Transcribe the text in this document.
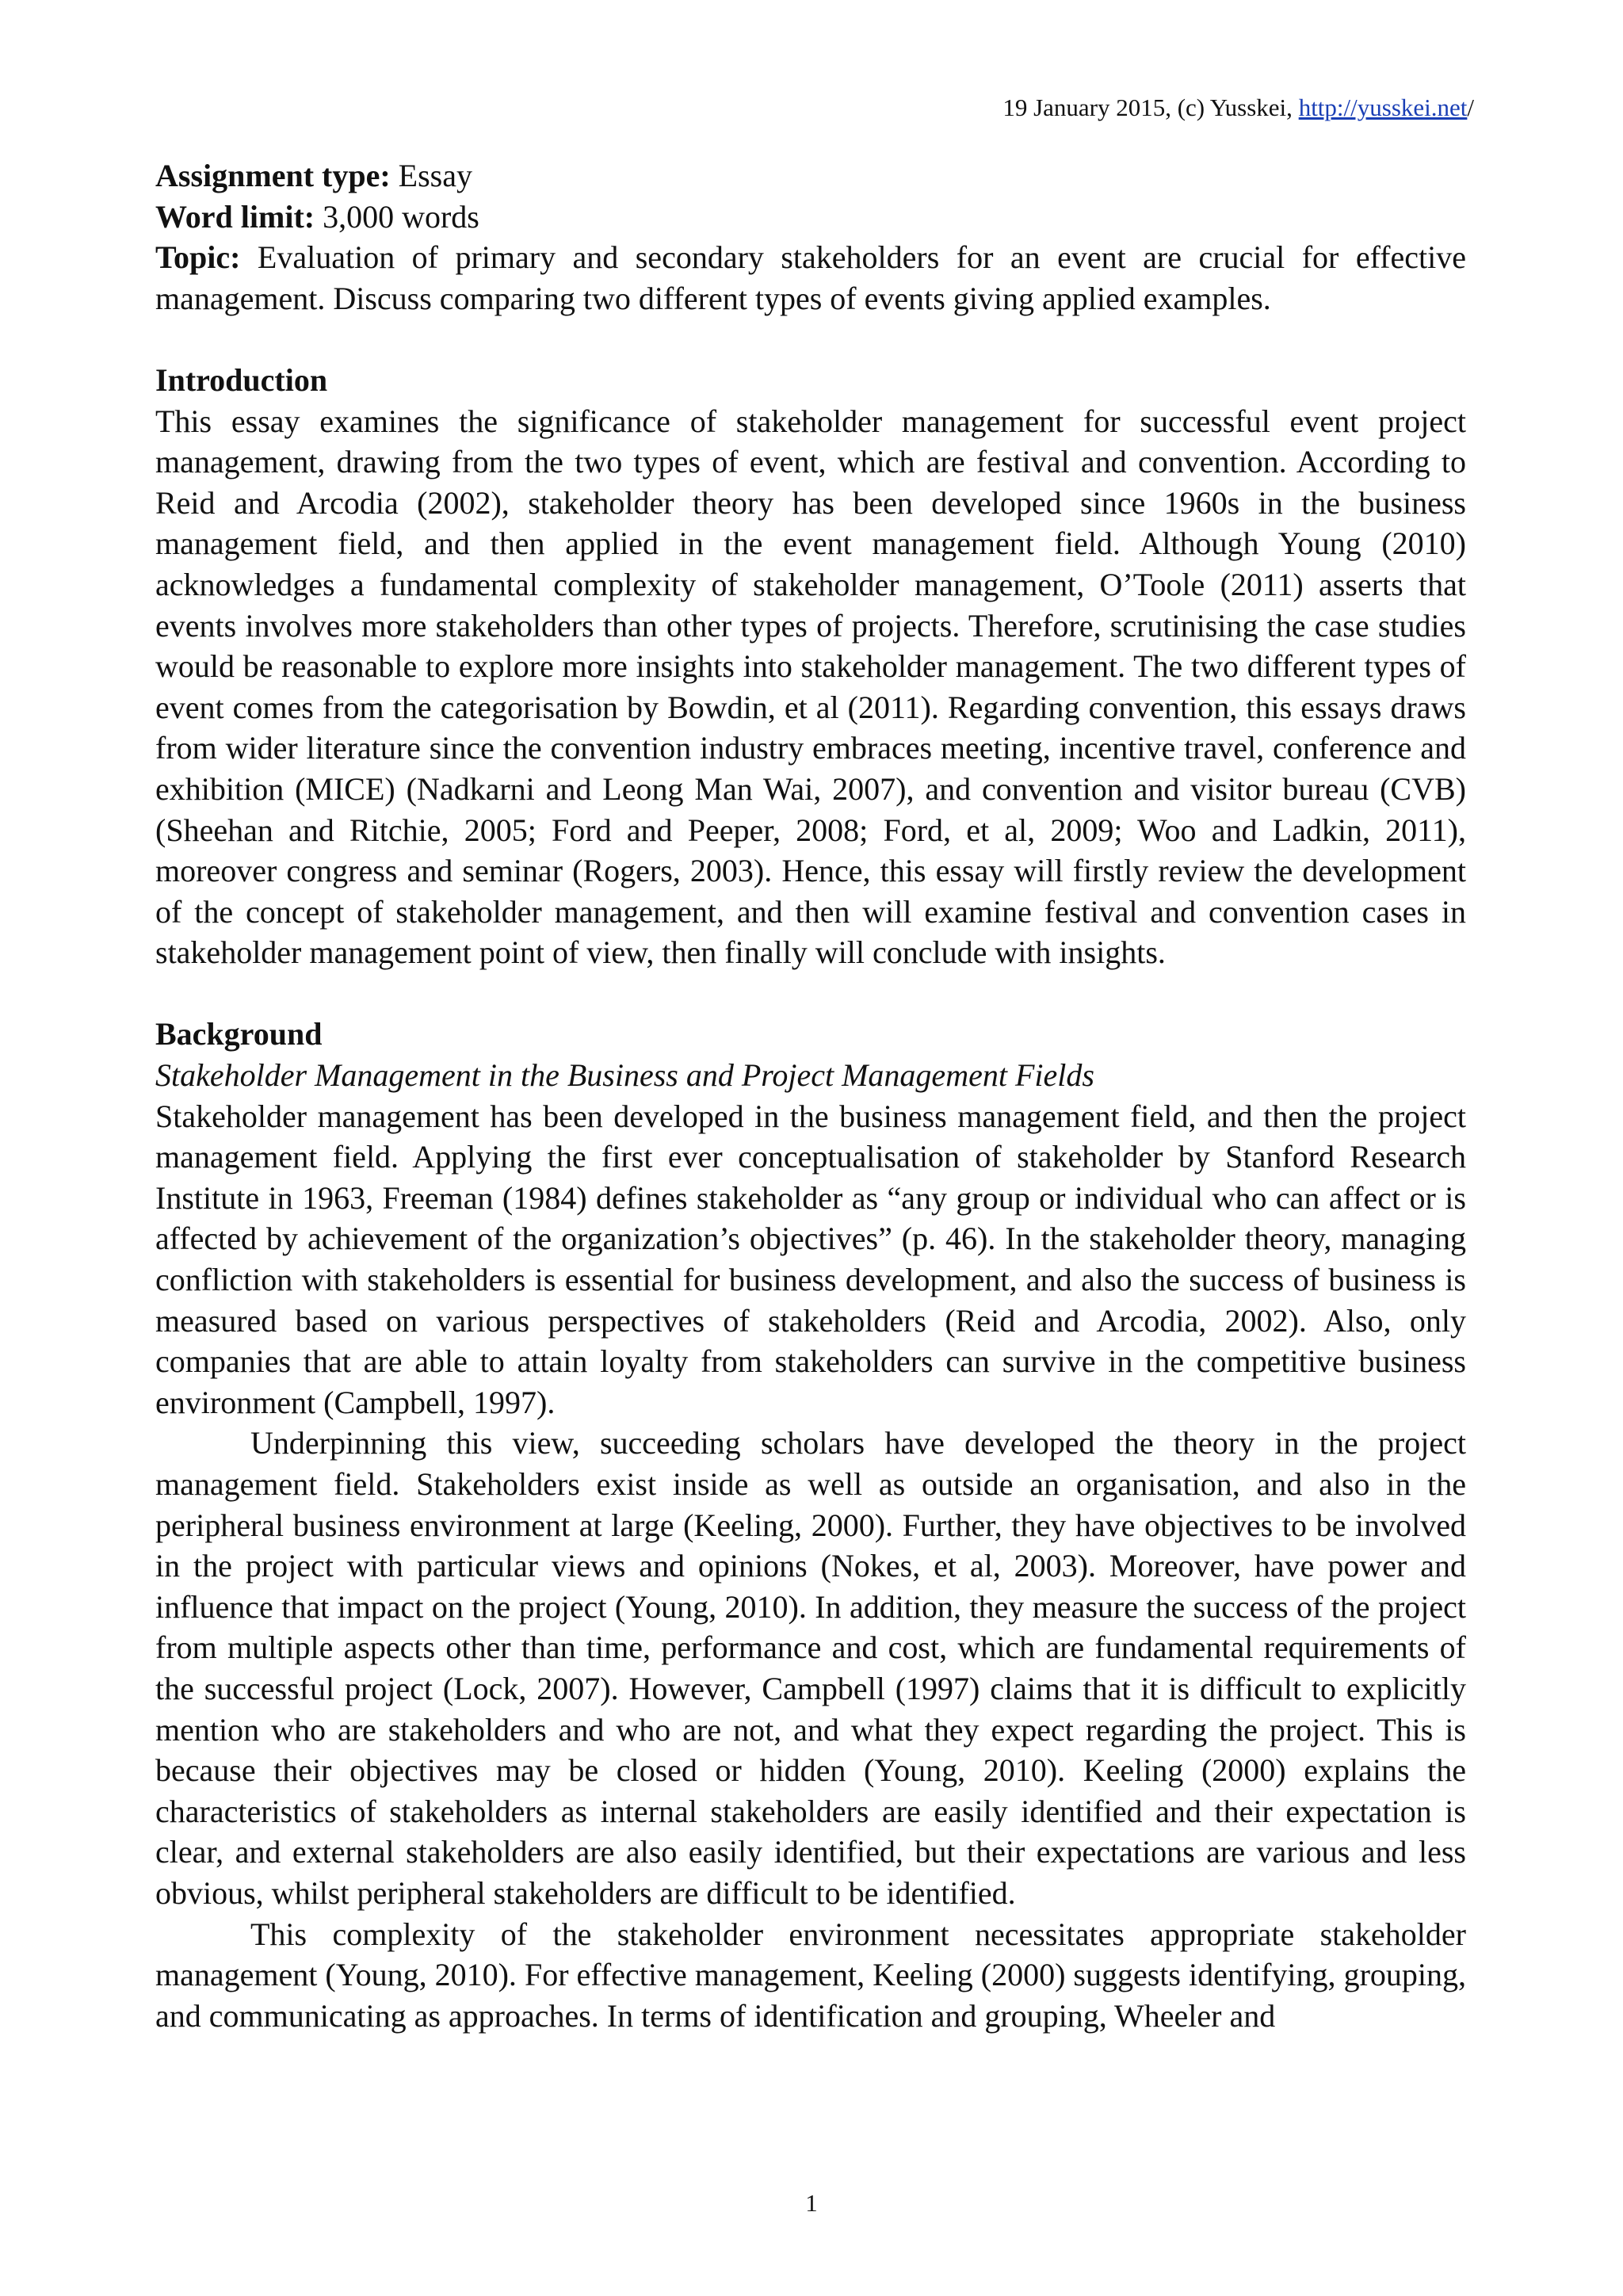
19 January 2015, (c) Yusskei, http://yusskei.net/

Assignment type: Essay

Word limit: 3,000 words

Topic: Evaluation of primary and secondary stakeholders for an event are crucial for effective management. Discuss comparing two different types of events giving applied examples.

Introduction

This essay examines the significance of stakeholder management for successful event project management, drawing from the two types of event, which are festival and convention. According to Reid and Arcodia (2002), stakeholder theory has been developed since 1960s in the business management field, and then applied in the event management field. Although Young (2010) acknowledges a fundamental complexity of stakeholder management, O’Toole (2011) asserts that events involves more stakeholders than other types of projects. Therefore, scrutinising the case studies would be reasonable to explore more insights into stakeholder management. The two different types of event comes from the categorisation by Bowdin, et al (2011). Regarding convention, this essays draws from wider literature since the convention industry embraces meeting, incentive travel, conference and exhibition (MICE) (Nadkarni and Leong Man Wai, 2007), and convention and visitor bureau (CVB) (Sheehan and Ritchie, 2005; Ford and Peeper, 2008; Ford, et al, 2009; Woo and Ladkin, 2011), moreover congress and seminar (Rogers, 2003). Hence, this essay will firstly review the development of the concept of stakeholder management, and then will examine festival and convention cases in stakeholder management point of view, then finally will conclude with insights.

Background

Stakeholder Management in the Business and Project Management Fields

Stakeholder management has been developed in the business management field, and then the project management field. Applying the first ever conceptualisation of stakeholder by Stanford Research Institute in 1963, Freeman (1984) defines stakeholder as “any group or individual who can affect or is affected by achievement of the organization’s objectives” (p. 46). In the stakeholder theory, managing confliction with stakeholders is essential for business development, and also the success of business is measured based on various perspectives of stakeholders (Reid and Arcodia, 2002). Also, only companies that are able to attain loyalty from stakeholders can survive in the competitive business environment (Campbell, 1997).

Underpinning this view, succeeding scholars have developed the theory in the project management field. Stakeholders exist inside as well as outside an organisation, and also in the peripheral business environment at large (Keeling, 2000). Further, they have objectives to be involved in the project with particular views and opinions (Nokes, et al, 2003). Moreover, have power and influence that impact on the project (Young, 2010). In addition, they measure the success of the project from multiple aspects other than time, performance and cost, which are fundamental requirements of the successful project (Lock, 2007). However, Campbell (1997) claims that it is difficult to explicitly mention who are stakeholders and who are not, and what they expect regarding the project. This is because their objectives may be closed or hidden (Young, 2010). Keeling (2000) explains the characteristics of stakeholders as internal stakeholders are easily identified and their expectation is clear, and external stakeholders are also easily identified, but their expectations are various and less obvious, whilst peripheral stakeholders are difficult to be identified.

This complexity of the stakeholder environment necessitates appropriate stakeholder management (Young, 2010). For effective management, Keeling (2000) suggests identifying, grouping, and communicating as approaches. In terms of identification and grouping, Wheeler and

1
